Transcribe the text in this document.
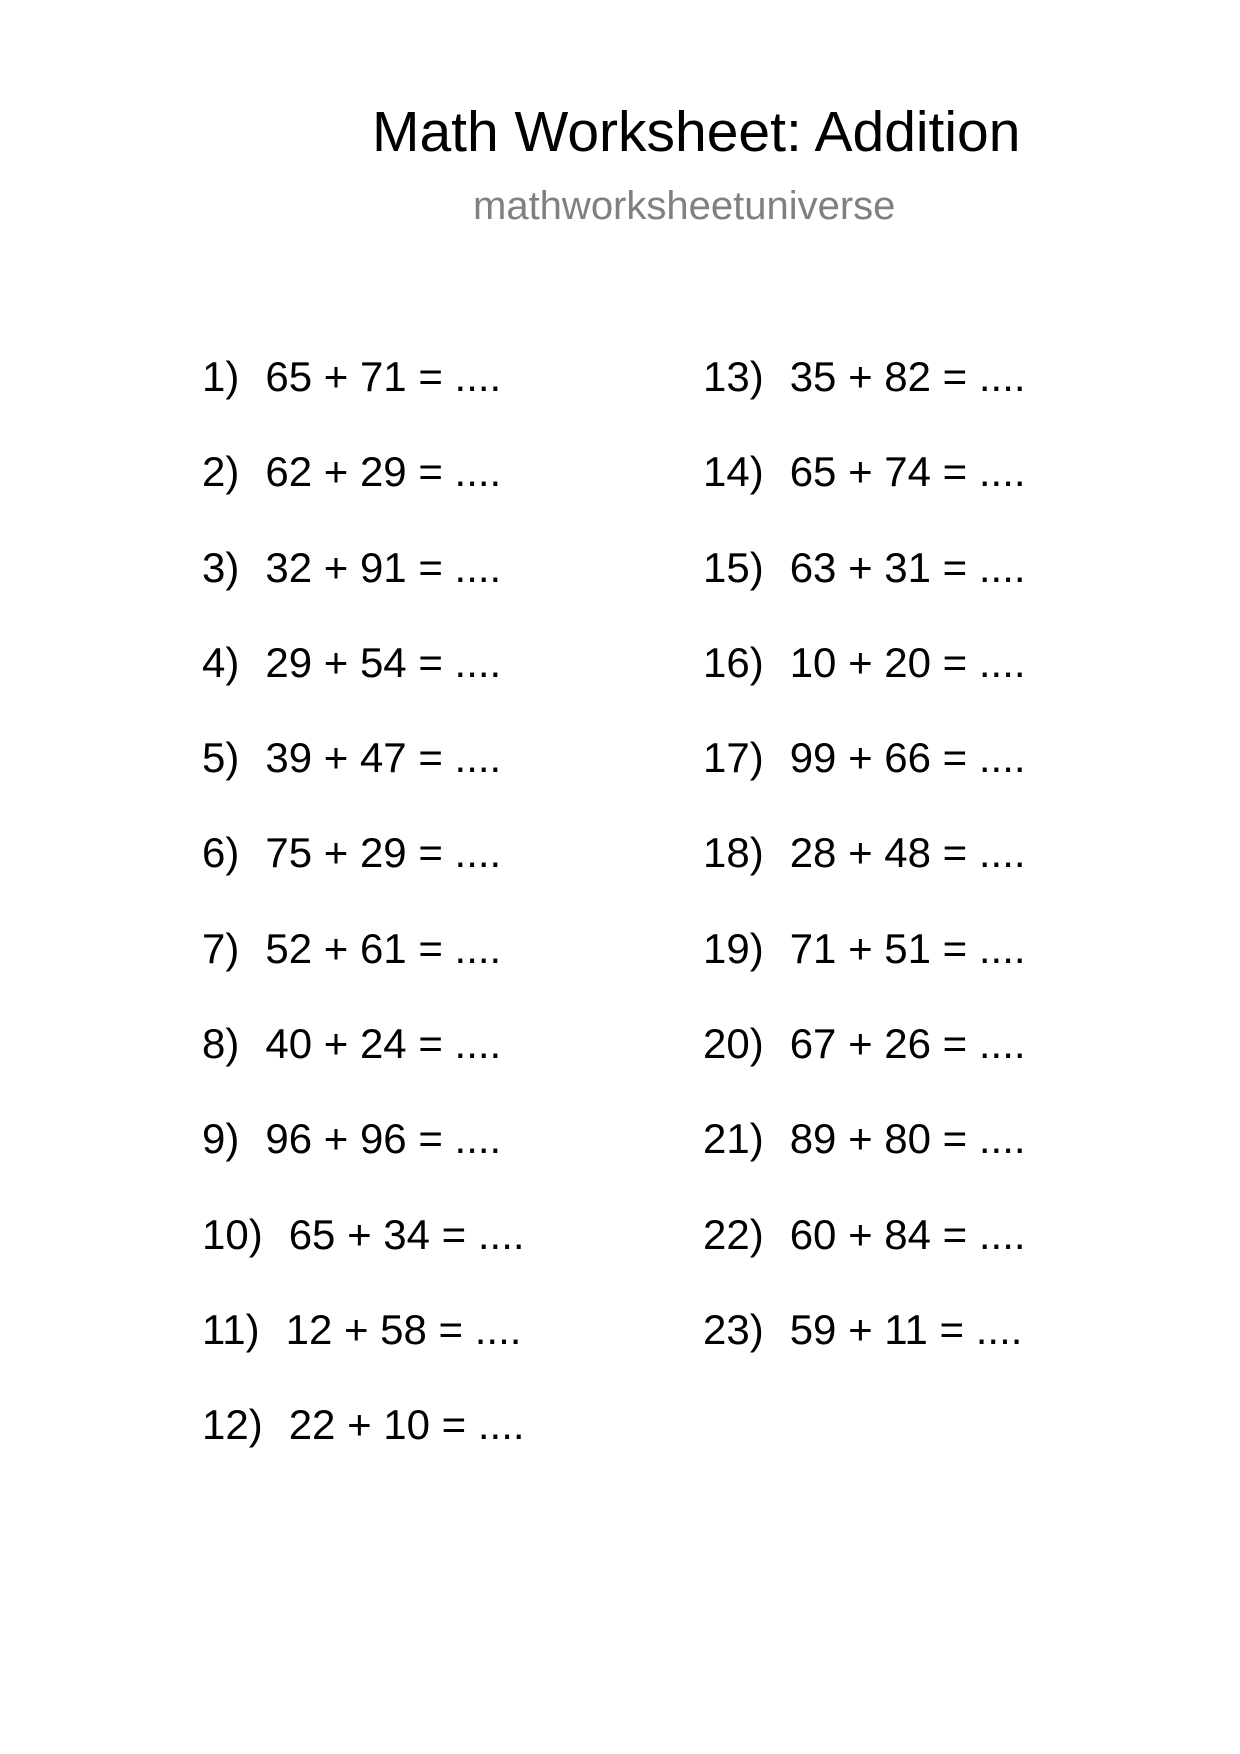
Math Worksheet: Addition
mathworksheetuniverse
1) 65 + 71 = ....
2) 62 + 29 = ....
3) 32 + 91 = ....
4) 29 + 54 = ....
5) 39 + 47 = ....
6) 75 + 29 = ....
7) 52 + 61 = ....
8) 40 + 24 = ....
9) 96 + 96 = ....
10) 65 + 34 = ....
11) 12 + 58 = ....
12) 22 + 10 = ....
13) 35 + 82 = ....
14) 65 + 74 = ....
15) 63 + 31 = ....
16) 10 + 20 = ....
17) 99 + 66 = ....
18) 28 + 48 = ....
19) 71 + 51 = ....
20) 67 + 26 = ....
21) 89 + 80 = ....
22) 60 + 84 = ....
23) 59 + 11 = ....
